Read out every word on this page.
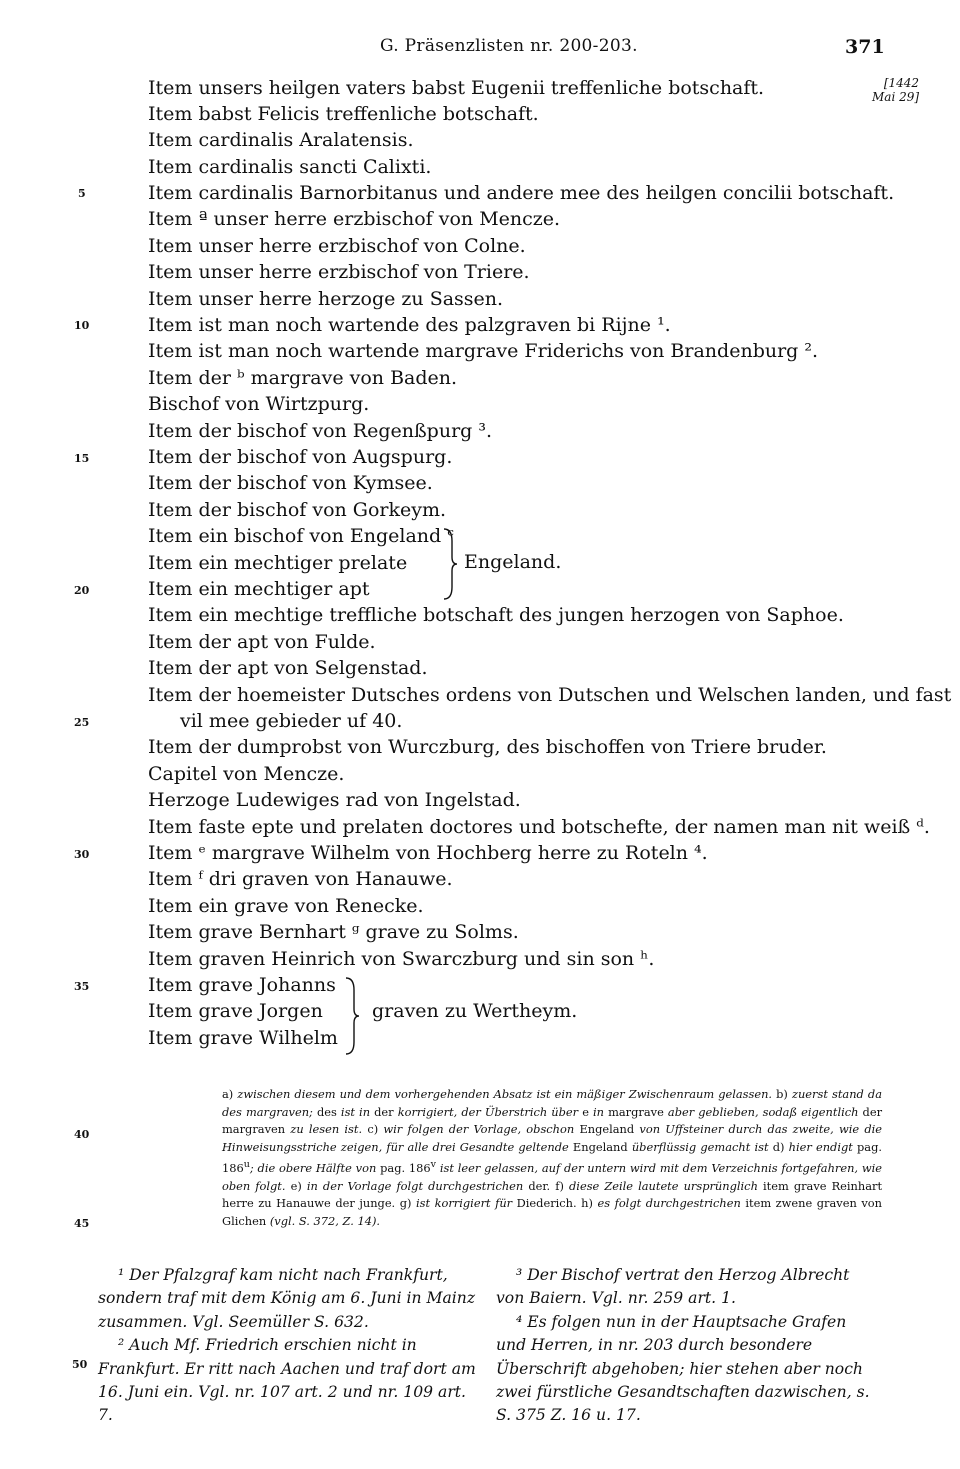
G. Präsenzlisten nr. 200-203.	371
[1442
Mai 29]
Item unsers heilgen vaters babst Eugenii treffenliche botschaft.
Item babst Felicis treffenliche botschaft.
Item cardinalis Aralatensis.
Item cardinalis sancti Calixti.
Item cardinalis Barnorbitanus und andere mee des heilgen concilii botschaft.
Item ª unser herre erzbischof von Mencze.
Item unser herre erzbischof von Colne.
Item unser herre erzbischof von Triere.
Item unser herre herzoge zu Sassen.
Item ist man noch wartende des palzgraven bi Rijne ¹.
Item ist man noch wartende margrave Friderichs von Brandenburg ².
Item der ᵇ margrave von Baden.
Bischof von Wirtzpurg.
Item der bischof von Regenßpurg ³.
Item der bischof von Augspurg.
Item der bischof von Kymsee.
Item der bischof von Gorkeym.
Item ein bischof von Engeland ᶜ
Item ein mechtiger prelate
Item ein mechtiger apt
Item ein mechtige treffliche botschaft des jungen herzogen von Saphoe.
Item der apt von Fulde.
Item der apt von Selgenstad.
Item der hoemeister Dutsches ordens von Dutschen und Welschen landen, und fast
vil mee gebieder uf 40.
Item der dumprobst von Wurczburg, des bischoffen von Triere bruder.
Capitel von Mencze.
Herzoge Ludewiges rad von Ingelstad.
Item faste epte und prelaten doctores und botschefte, der namen man nit weiß ᵈ.
Item ᵉ margrave Wilhelm von Hochberg herre zu Roteln ⁴.
Item ᶠ dri graven von Hanauwe.
Item ein grave von Renecke.
Item grave Bernhart ᵍ grave zu Solms.
Item graven Heinrich von Swarczburg und sin son ʰ.
Item grave Johanns
Item grave Jorgen
Item grave Wilhelm
Engeland.
graven zu Wertheym.
5
10
15
20
25
30
35
40
45
a) zwischen diesem und dem vorhergehenden Absatz ist ein mäßiger Zwischenraum gelassen. b) zuerst stand da des margraven; des ist in der korrigiert, der Überstrich über e in margrave aber geblieben, sodaß eigentlich der margraven zu lesen ist. c) wir folgen der Vorlage, obschon Engeland von Uffsteiner durch das zweite, wie die Hinweisungsstriche zeigen, für alle drei Gesandte geltende Engeland überflüssig gemacht ist d) hier endigt pag. 186$^u$; die obere Hälfte von pag. 186$^v$ ist leer gelassen, auf der untern wird mit dem Verzeichnis fortgefahren, wie oben folgt. e) in der Vorlage folgt durchgestrichen der. f) diese Zeile lautete ursprünglich item grave Reinhart herre zu Hanauwe der junge. g) ist korrigiert für Diederich. h) es folgt durchgestrichen item zwene graven von Glichen (vgl. S. 372, Z. 14).

¹ Der Pfalzgraf kam nicht nach Frankfurt, sondern traf mit dem König am 6. Juni in Mainz zusammen. Vgl. Seemüller S. 632.

² Auch Mf. Friedrich erschien nicht in Frankfurt. Er ritt nach Aachen und traf dort am 16. Juni ein. Vgl. nr. 107 art. 2 und nr. 109 art. 7.

³ Der Bischof vertrat den Herzog Albrecht von Baiern. Vgl. nr. 259 art. 1.

⁴ Es folgen nun in der Hauptsache Grafen und Herren, in nr. 203 durch besondere Überschrift abgehoben; hier stehen aber noch zwei fürstliche Gesandtschaften dazwischen, s. S. 375 Z. 16 u. 17.

50
